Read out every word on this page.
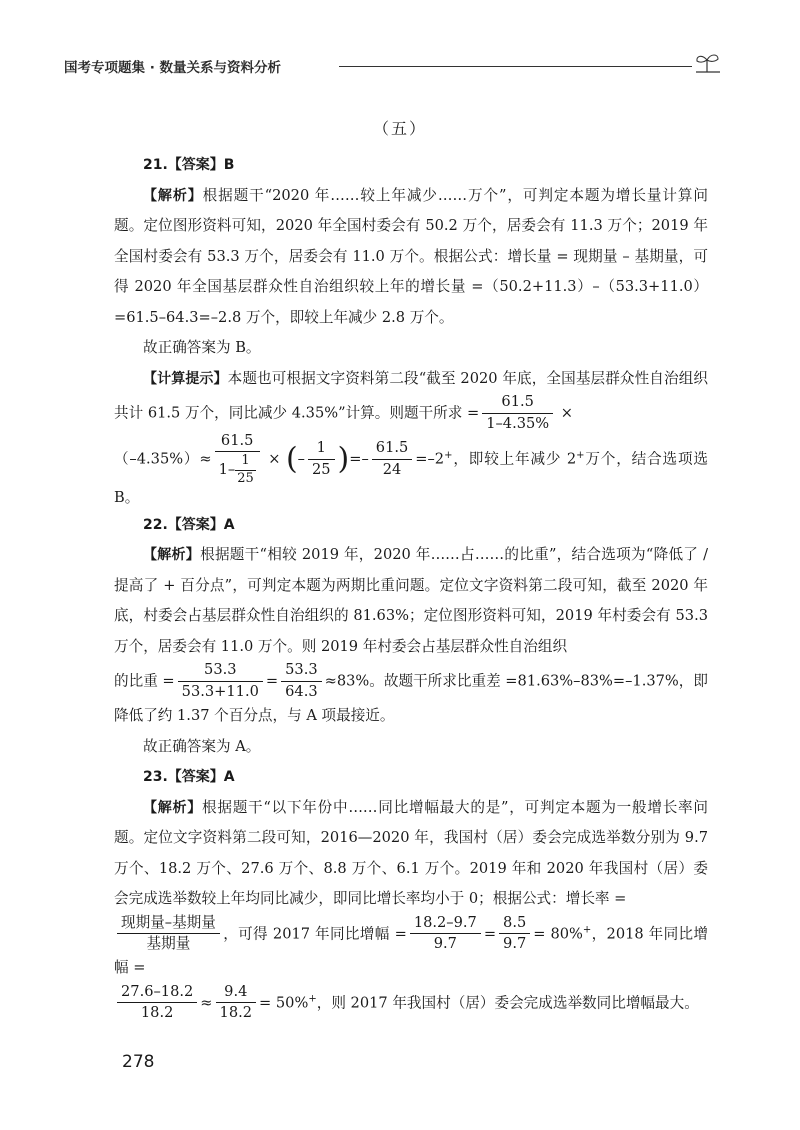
国考专项题集 · 数量关系与资料分析
（五）

21.【答案】B

【解析】根据题干“2020 年……较上年减少……万个”，可判定本题为增长量计算问题。定位图形资料可知，2020 年全国村委会有 50.2 万个，居委会有 11.3 万个；2019 年全国村委会有 53.3 万个，居委会有 11.0 万个。根据公式：增长量 = 现期量 – 基期量，可得 2020 年全国基层群众性自治组织较上年的增长量 =（50.2+11.3）–（53.3+11.0）=61.5–64.3=–2.8 万个，即较上年减少 2.8 万个。

故正确答案为 B。

【计算提示】本题也可根据文字资料第二段“截至 2020 年底，全国基层群众性自治组织共计 61.5 万个，同比减少 4.35%”计算。则题干所求 = $\frac{61.5}{1-4.35\%}$ ×

$(-4.35\%)\approx \frac{61.5}{1- \frac{1}{25}}$ × (– $\frac{1}{25}$ )=– $\frac{61.5}{24} =-2^+$，即较上年减少 2+万个，结合选项选 B。

22.【答案】A

【解析】根据题干“相较 2019 年，2020 年……占……的比重”，结合选项为“降低了 / 提高了 + 百分点”，可判定本题为两期比重问题。定位文字资料第二段可知，截至 2020 年底，村委会占基层群众性自治组织的 81.63%；定位图形资料可知，2019 年村委会有 53.3 万个，居委会有 11.0 万个。则 2019 年村委会占基层群众性自治组织

的比重 = $\frac{53.3}{53.3+11.0} = \frac{53.3}{64.3} \approx 83\%$。故题干所求比重差 =81.63%–83%=–1.37%，即降低了约 1.37 个百分点，与 A 项最接近。

故正确答案为 A。

23.【答案】A

【解析】根据题干“以下年份中……同比增幅最大的是”，可判定本题为一般增长率问题。定位文字资料第二段可知，2016—2020 年，我国村（居）委会完成选举数分别为 9.7 万个、18.2 万个、27.6 万个、8.8 万个、6.1 万个。2019 年和 2020 年我国村（居）委会完成选举数较上年均同比减少，即同比增长率均小于 0；根据公式：增长率 =

$\frac{\text{现期量–基期量}}{\text{基期量}}$ ，可得 2017 年同比增幅 = $\frac{18.2-9.7}{9.7} = \frac{8.5}{9.7} = 80\%^+$，2018 年同比增幅 =

$\frac{27.6-18.2}{18.2} \approx \frac{9.4}{18.2} = 50\%^+$，则 2017 年我国村（居）委会完成选举数同比增幅最大。

278
